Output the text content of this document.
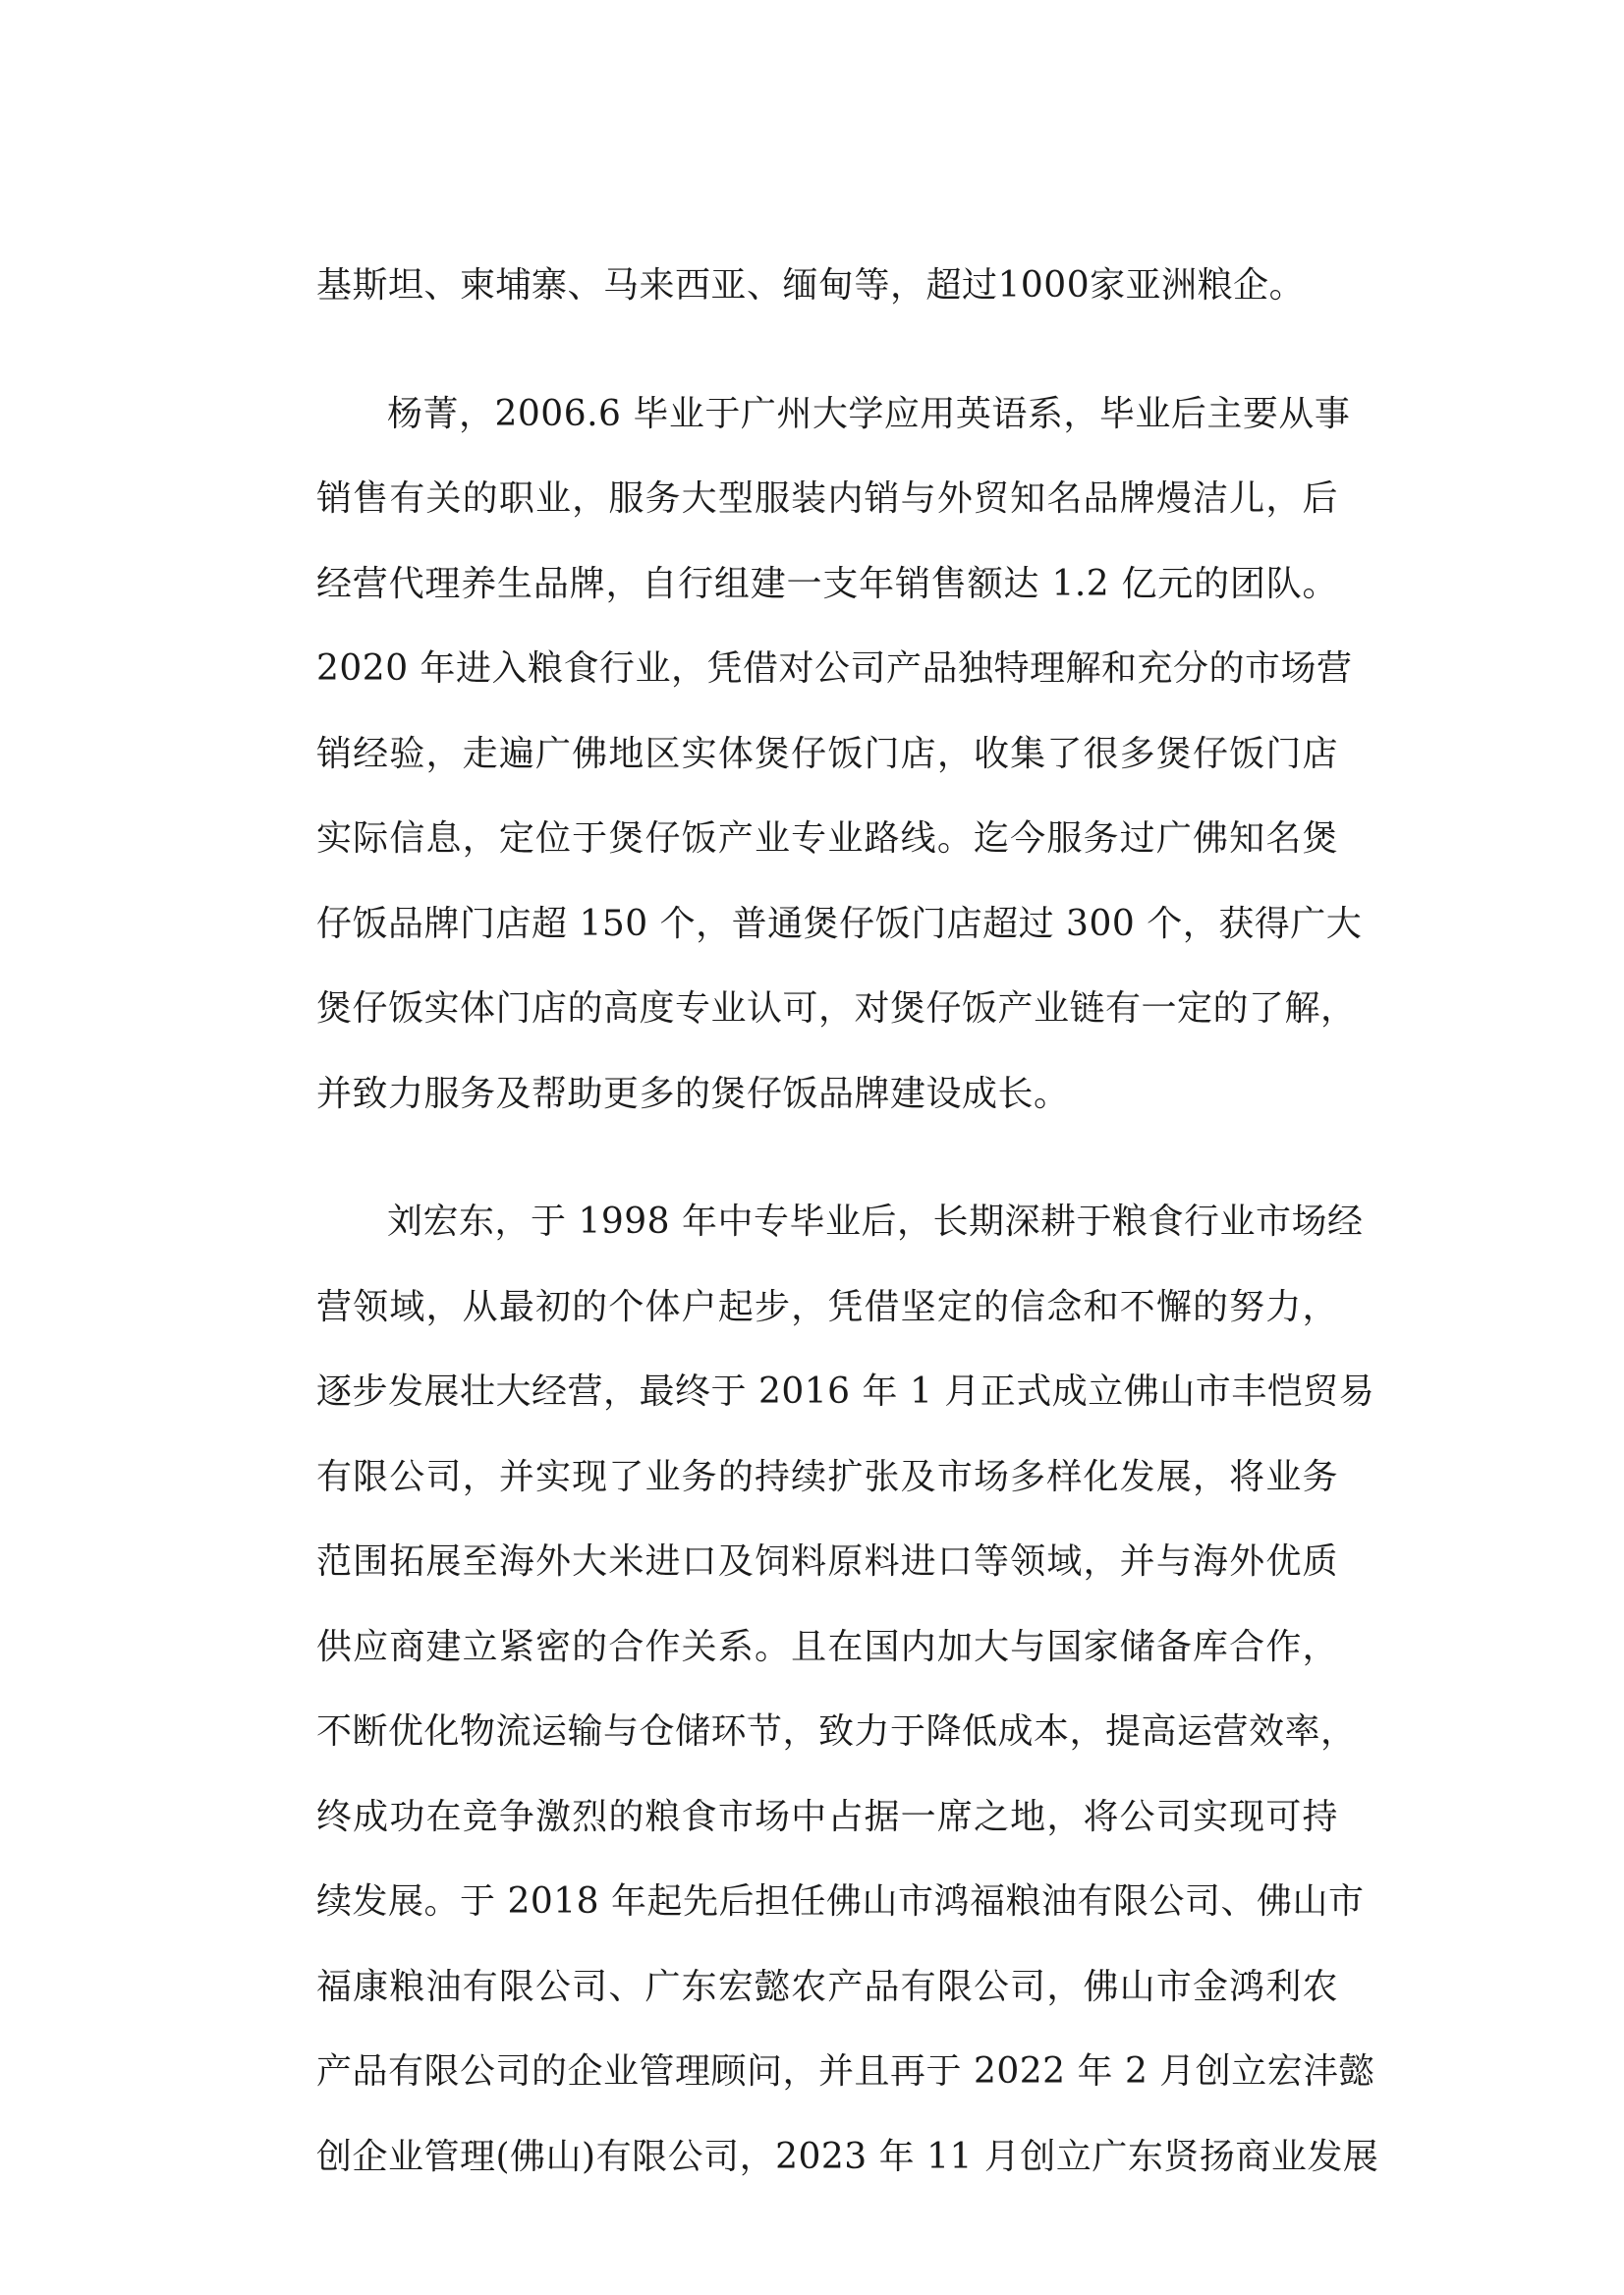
基斯坦、柬埔寨、马来西亚、缅甸等，超过1000家亚洲粮企。
杨菁，2006.6 毕业于广州大学应用英语系，毕业后主要从事
销售有关的职业，服务大型服装内销与外贸知名品牌熳洁儿，后
经营代理养生品牌，自行组建一支年销售额达 1.2 亿元的团队。
2020 年进入粮食行业，凭借对公司产品独特理解和充分的市场营
销经验，走遍广佛地区实体煲仔饭门店，收集了很多煲仔饭门店
实际信息，定位于煲仔饭产业专业路线。迄今服务过广佛知名煲
仔饭品牌门店超 150 个，普通煲仔饭门店超过 300 个，获得广大
煲仔饭实体门店的高度专业认可，对煲仔饭产业链有一定的了解，
并致力服务及帮助更多的煲仔饭品牌建设成长。
刘宏东，于 1998 年中专毕业后，长期深耕于粮食行业市场经
营领域，从最初的个体户起步，凭借坚定的信念和不懈的努力，
逐步发展壮大经营，最终于 2016 年 1 月正式成立佛山市丰恺贸易
有限公司，并实现了业务的持续扩张及市场多样化发展，将业务
范围拓展至海外大米进口及饲料原料进口等领域，并与海外优质
供应商建立紧密的合作关系。且在国内加大与国家储备库合作，
不断优化物流运输与仓储环节，致力于降低成本，提高运营效率，
终成功在竞争激烈的粮食市场中占据一席之地，将公司实现可持
续发展。于 2018 年起先后担任佛山市鸿福粮油有限公司、佛山市
福康粮油有限公司、广东宏懿农产品有限公司，佛山市金鸿利农
产品有限公司的企业管理顾问，并且再于 2022 年 2 月创立宏沣懿
创企业管理(佛山)有限公司，2023 年 11 月创立广东贤扬商业发展
